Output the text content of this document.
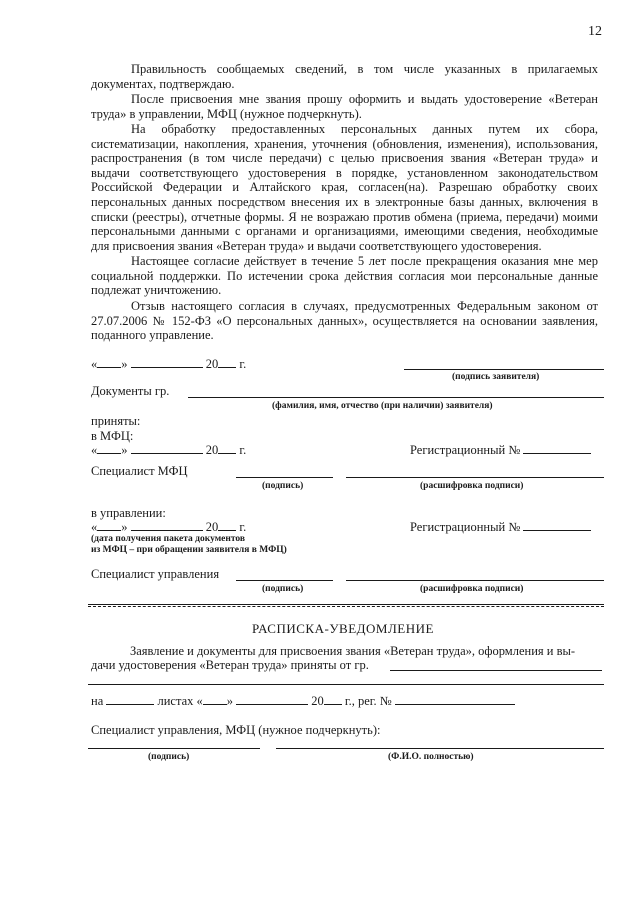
12

Правильность сообщаемых сведений, в том числе указанных в прилагаемых документах, подтверждаю.

После присвоения мне звания прошу оформить и выдать удостоверение «Ветеран труда» в управлении, МФЦ (нужное подчеркнуть).

На обработку предоставленных персональных данных путем их сбора, систематизации, накопления, хранения, уточнения (обновления, изменения), использования, распространения (в том числе передачи) с целью присвоения звания «Ветеран труда» и выдачи соответствующего удостоверения в порядке, установленном законодательством Российской Федерации и Алтайского края, согласен(на). Разрешаю обработку своих персональных данных посредством внесения их в электронные базы данных, включения в списки (реестры), отчетные формы. Я не возражаю против обмена (приема, передачи) моими персональными данными с органами и организациями, имеющими сведения, необходимые для присвоения звания «Ветеран труда» и выдачи соответствующего удостоверения.

Настоящее согласие действует в течение 5 лет после прекращения оказания мне мер социальной поддержки. По истечении срока действия согласия мои персональные данные подлежат уничтожению.

Отзыв настоящего согласия в случаях, предусмотренных Федеральным законом от 27.07.2006 № 152-ФЗ «О персональных данных», осуществляется на основании заявления, поданного управление.

« »	20 г.
(подпись заявителя)
Документы гр.
(фамилия, имя, отчество (при наличии) заявителя)
приняты:
в МФЦ:
« »	20 г.	Регистрационный №
Специалист МФЦ
(подпись)	(расшифровка подписи)
в управлении:
« »	20 г.	Регистрационный №
(дата получения пакета документов
из МФЦ – при обращении заявителя в МФЦ)
Специалист управления
(подпись)	(расшифровка подписи)
РАСПИСКА-УВЕДОМЛЕНИЕ
Заявление и документы для присвоения звания «Ветеран труда», оформления и вы-
дачи удостоверения «Ветеран труда» приняты от гр.
на	листах « »	20 г., рег. №
Специалист управления, МФЦ (нужное подчеркнуть):
(подпись)	(Ф.И.О. полностью)
